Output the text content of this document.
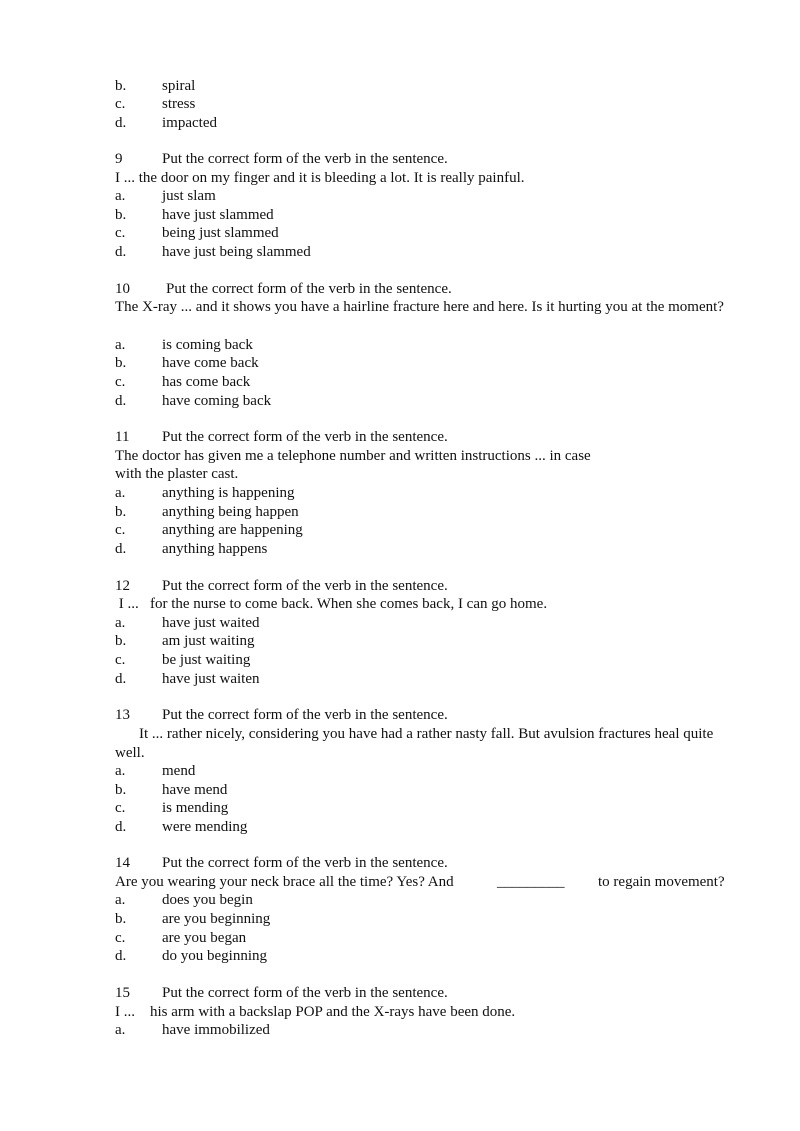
b. spiral
c. stress
d. impacted
9	Put the correct form of the verb in the sentence.
I ... the door on my finger and it is bleeding a lot. It is really painful.
a. just slam
b. have just slammed
c. being just slammed
d. have just being slammed
10 Put the correct form of the verb in the sentence.
The X-ray ... and it shows you have a hairline fracture here and here. Is it hurting you at the moment?
a. is coming back
b. have come back
c. has come back
d. have coming back
11 Put the correct form of the verb in the sentence.
The doctor has given me a telephone number and written instructions ... in case
with the plaster cast.
a. anything is happening
b. anything being happen
c. anything are happening
d. anything happens
12 Put the correct form of the verb in the sentence.
I ...   for the nurse to come back. When she comes back, I can go home.
a. have just waited
b. am just waiting
c. be just waiting
d. have just waiten
13 Put the correct form of the verb in the sentence.
It ... rather nicely, considering you have had a rather nasty fall. But avulsion fractures heal quite well.
a. mend
b. have mend
c. is mending
d. were mending
14 Put the correct form of the verb in the sentence.
Are you wearing your neck brace all the time? Yes? And	_________ to regain movement?
a. does you begin
b. are you beginning
c. are you began
d. do you beginning
15 Put the correct form of the verb in the sentence.
I ...    his arm with a backslap POP and the X-rays have been done.
a. have immobilized
